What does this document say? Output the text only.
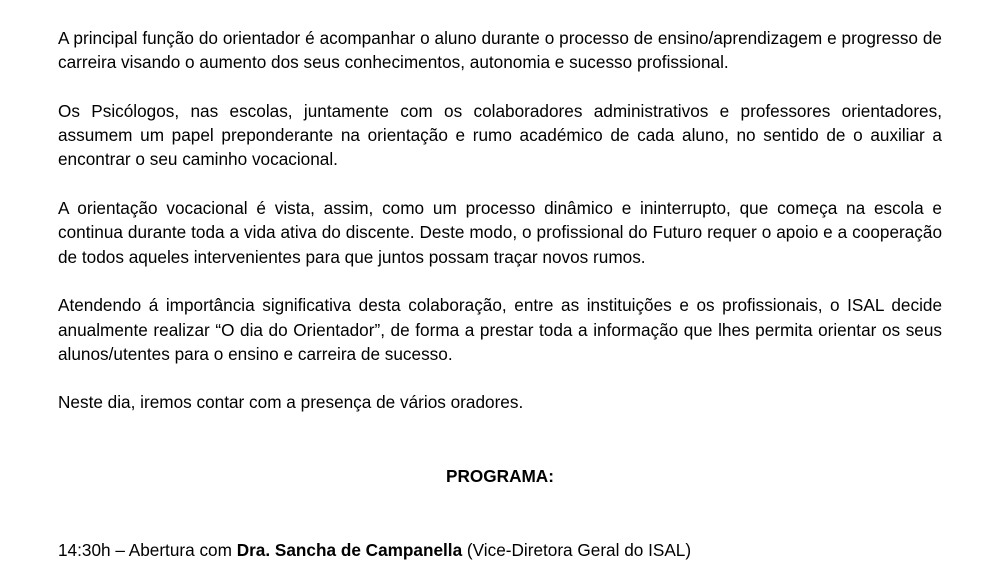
A principal função do orientador é acompanhar o aluno durante o processo de ensino/aprendizagem e progresso de carreira visando o aumento dos seus conhecimentos, autonomia e sucesso profissional.

Os Psicólogos, nas escolas, juntamente com os colaboradores administrativos e professores orientadores, assumem um papel preponderante na orientação e rumo académico de cada aluno, no sentido de o auxiliar a encontrar o seu caminho vocacional.

A orientação vocacional é vista, assim, como um processo dinâmico e ininterrupto, que começa na escola e continua durante toda a vida ativa do discente. Deste modo, o profissional do Futuro requer o apoio e a cooperação de todos aqueles intervenientes para que juntos possam traçar novos rumos.

Atendendo á importância significativa desta colaboração, entre as instituições e os profissionais, o ISAL decide anualmente realizar “O dia do Orientador”, de forma a prestar toda a informação que lhes permita orientar os seus alunos/utentes para o ensino e carreira de sucesso.

Neste dia, iremos contar com a presença de vários oradores.

PROGRAMA:
14:30h – Abertura com Dra. Sancha de Campanella (Vice-Diretora Geral do ISAL)
